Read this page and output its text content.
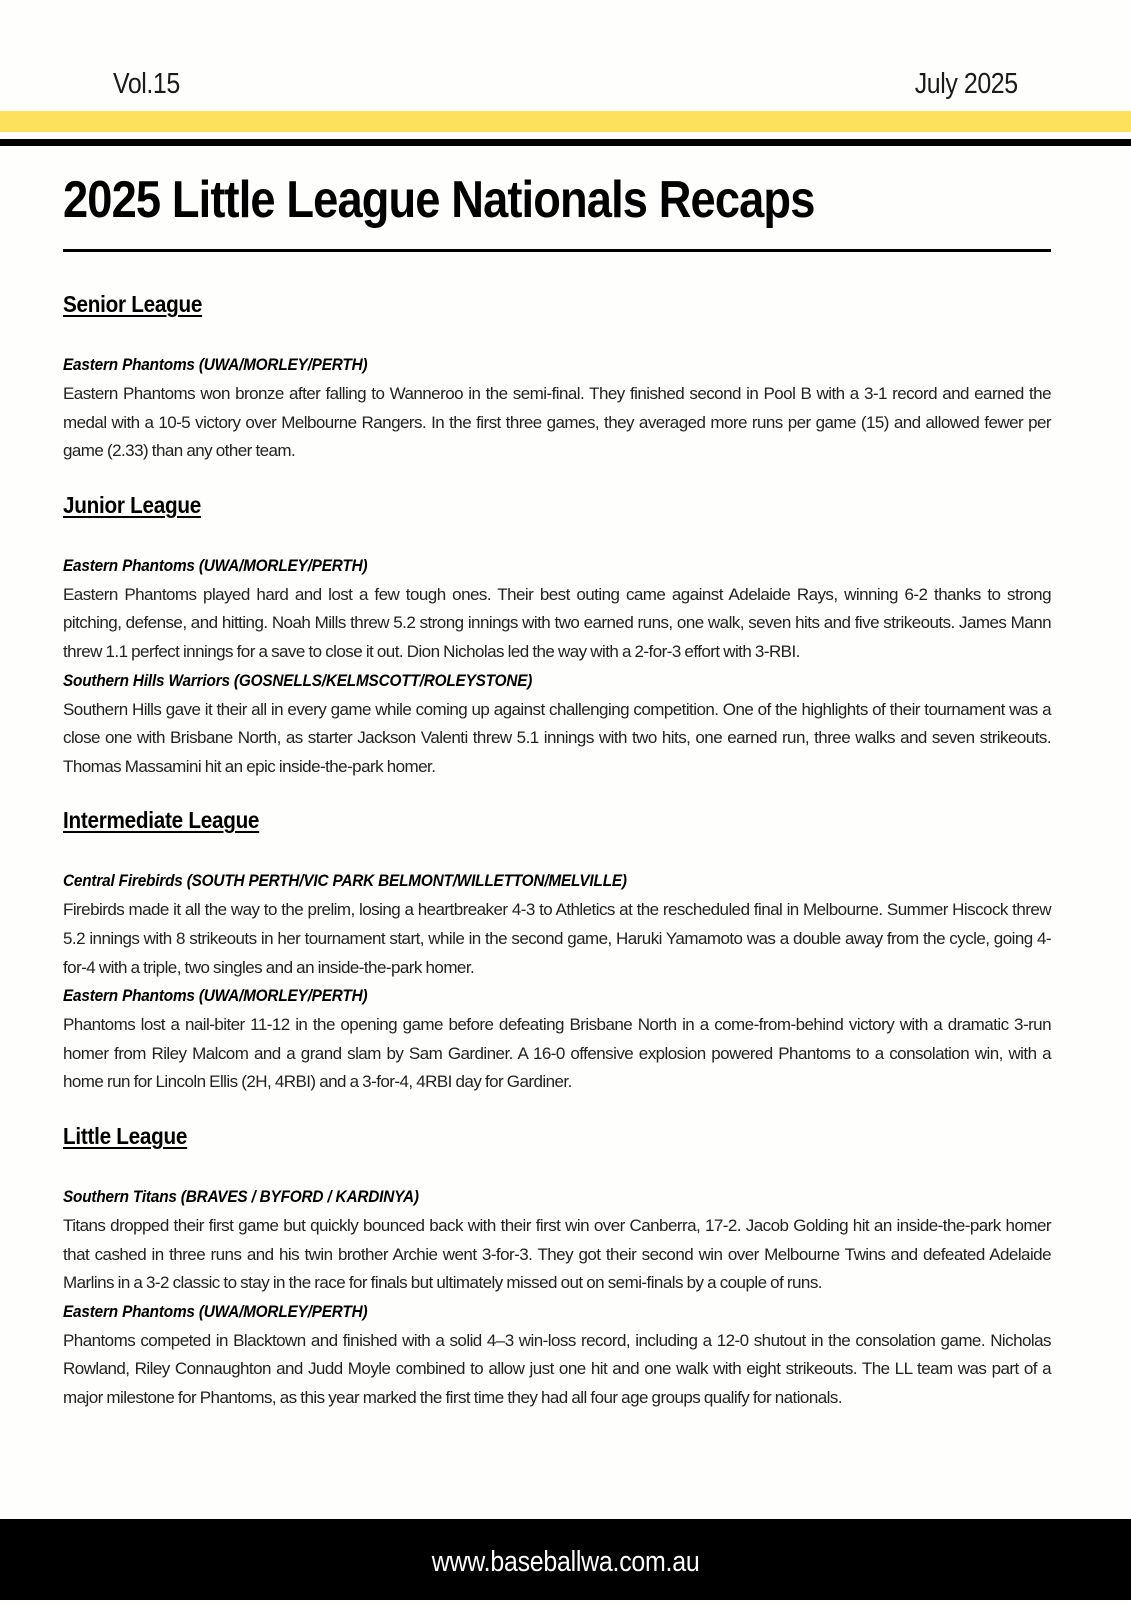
Vol.15	July 2025
2025 Little League Nationals Recaps
Senior League
Eastern Phantoms (UWA/MORLEY/PERTH)

Eastern Phantoms won bronze after falling to Wanneroo in the semi-final. They finished second in Pool B with a 3-1 record and earned the medal with a 10-5 victory over Melbourne Rangers. In the first three games, they averaged more runs per game (15) and allowed fewer per game (2.33) than any other team.

Junior League
Eastern Phantoms (UWA/MORLEY/PERTH)

Eastern Phantoms played hard and lost a few tough ones. Their best outing came against Adelaide Rays, winning 6-2 thanks to strong pitching, defense, and hitting. Noah Mills threw 5.2 strong innings with two earned runs, one walk, seven hits and five strikeouts. James Mann threw 1.1 perfect innings for a save to close it out. Dion Nicholas led the way with a 2-for-3 effort with 3-RBI.

Southern Hills Warriors (GOSNELLS/KELMSCOTT/ROLEYSTONE)

Southern Hills gave it their all in every game while coming up against challenging competition. One of the highlights of their tournament was a close one with Brisbane North, as starter Jackson Valenti threw 5.1 innings with two hits, one earned run, three walks and seven strikeouts. Thomas Massamini hit an epic inside-the-park homer.

Intermediate League
Central Firebirds (SOUTH PERTH/VIC PARK BELMONT/WILLETTON/MELVILLE)

Firebirds made it all the way to the prelim, losing a heartbreaker 4-3 to Athletics at the rescheduled final in Melbourne. Summer Hiscock threw 5.2 innings with 8 strikeouts in her tournament start, while in the second game, Haruki Yamamoto was a double away from the cycle, going 4-for-4 with a triple, two singles and an inside-the-park homer.

Eastern Phantoms (UWA/MORLEY/PERTH)

Phantoms lost a nail-biter 11-12 in the opening game before defeating Brisbane North in a come-from-behind victory with a dramatic 3-run homer from Riley Malcom and a grand slam by Sam Gardiner. A 16-0 offensive explosion powered Phantoms to a consolation win, with a home run for Lincoln Ellis (2H, 4RBI) and a 3-for-4, 4RBI day for Gardiner.

Little League
Southern Titans (BRAVES / BYFORD / KARDINYA)

Titans dropped their first game but quickly bounced back with their first win over Canberra, 17-2. Jacob Golding hit an inside-the-park homer that cashed in three runs and his twin brother Archie went 3-for-3. They got their second win over Melbourne Twins and defeated Adelaide Marlins in a 3-2 classic to stay in the race for finals but ultimately missed out on semi-finals by a couple of runs.

Eastern Phantoms (UWA/MORLEY/PERTH)

Phantoms competed in Blacktown and finished with a solid 4–3 win-loss record, including a 12-0 shutout in the consolation game. Nicholas Rowland, Riley Connaughton and Judd Moyle combined to allow just one hit and one walk with eight strikeouts. The LL team was part of a major milestone for Phantoms, as this year marked the first time they had all four age groups qualify for nationals.

www.baseballwa.com.au
